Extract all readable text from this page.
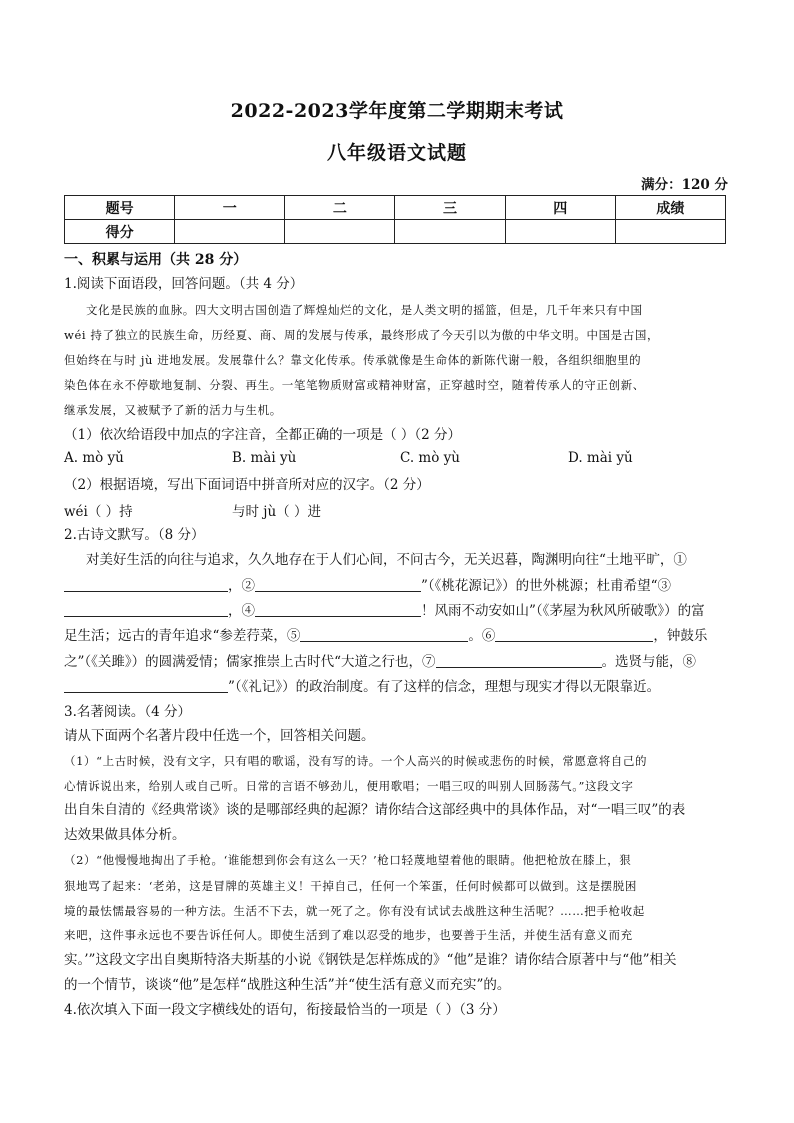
2022-2023学年度第二学期期末考试
八年级语文试题
满分：120 分
题号	一	二	三	四	成绩
得分					
一、积累与运用（共 28 分）
1.阅读下面语段，回答问题。（共 4 分）
文化是民族的血脉。四大文明古国创造了辉煌灿烂的文化，是人类文明的摇篮，但是，几千年来只有中国
wéi 持了独立的民族生命，历经夏、商、周的发展与传承，最终形成了今天引以为傲的中华文明。中国是古国，
但始终在与时 jù 进地发展。发展靠什么？靠文化传承。传承就像是生命体的新陈代谢一般，各组织细胞里的
染色体在永不停歇地复制、分裂、再生。一笔笔物质财富或精神财富，正穿越时空，随着传承人的守正创新、
继承发展，又被赋予了新的活力与生机。
（1）依次给语段中加点的字注音，全都正确的一项是（ ）（2 分）
A. mò yǔ	B. mài yù	C. mò yù	D. mài yǔ
（2）根据语境，写出下面词语中拼音所对应的汉字。（2 分）
wéi（ ）持	与时 jù（ ）进
2.古诗文默写。（8 分）
对美好生活的向往与追求，久久地存在于人们心间，不问古今，无关迟暮，陶渊明向往“土地平旷，①
，②	”（《桃花源记》）的世外桃源；杜甫希望“③
，④	！风雨不动安如山”（《茅屋为秋风所破歌》）的富
足生活；远古的青年追求“参差荇菜，⑤	。⑥	，钟鼓乐
之”（《关雎》）的圆满爱情；儒家推崇上古时代“大道之行也，⑦	。选贤与能，⑧
”（《礼记》）的政治制度。有了这样的信念，理想与现实才得以无限靠近。
3.名著阅读。（4 分）
请从下面两个名著片段中任选一个，回答相关问题。
（1）“上古时候，没有文字，只有唱的歌谣，没有写的诗。一个人高兴的时候或悲伤的时候，常愿意将自己的
心情诉说出来，给别人或自己听。日常的言语不够劲儿，便用歌唱；一唱三叹的叫别人回肠荡气。”这段文字
出自朱自清的《经典常谈》谈的是哪部经典的起源？请你结合这部经典中的具体作品，对“一唱三叹”的表
达效果做具体分析。
（2）“他慢慢地掏出了手枪。‘谁能想到你会有这么一天？’枪口轻蔑地望着他的眼睛。他把枪放在膝上，狠
狠地骂了起来：‘老弟，这是冒牌的英雄主义！干掉自己，任何一个笨蛋，任何时候都可以做到。这是摆脱困
境的最怯懦最容易的一种方法。生活不下去，就一死了之。你有没有试试去战胜这种生活呢？……把手枪收起
来吧，这件事永远也不要告诉任何人。即使生活到了难以忍受的地步，也要善于生活，并使生活有意义而充
实。’”这段文字出自奥斯特洛夫斯基的小说《钢铁是怎样炼成的》“他”是谁？请你结合原著中与“他”相关
的一个情节，谈谈“他”是怎样“战胜这种生活”并“使生活有意义而充实”的。
4.依次填入下面一段文字横线处的语句，衔接最恰当的一项是（ ）（3 分）
